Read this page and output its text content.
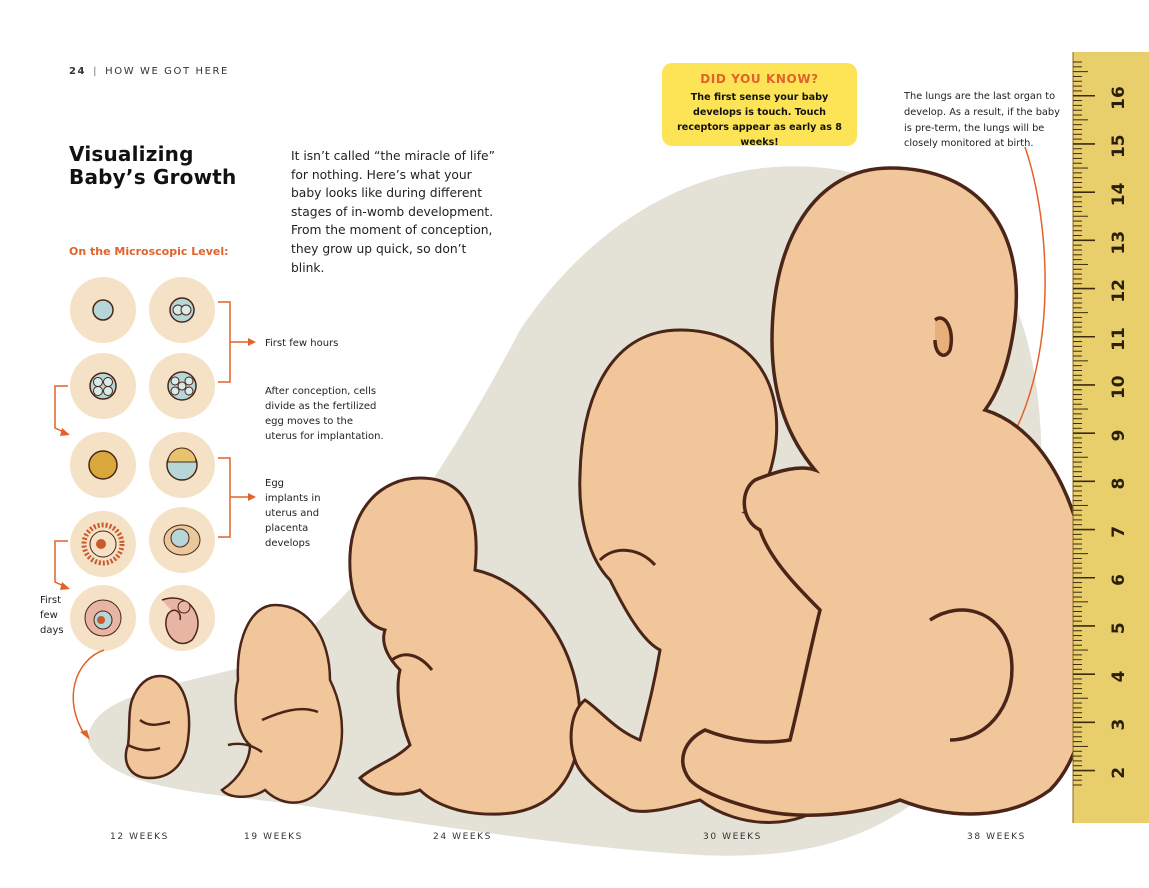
16
15
14
13
12
11
10
9
8
7
6
5
4
3
2
24 | HOW WE GOT HERE
Visualizing Baby’s Growth
It isn’t called “the miracle of life” for nothing. Here’s what your baby looks like during different stages of in-womb development. From the moment of conception, they grow up quick, so don’t blink.
On the Microscopic Level:
First few hours
After conception, cells divide as the fertilized egg moves to the uterus for implantation.
Egg implants in uterus and placenta develops
First few days
DID YOU KNOW?
The first sense your baby develops is touch. Touch receptors appear as early as 8 weeks!
The lungs are the last organ to develop. As a result, if the baby is pre-term, the lungs will be closely monitored at birth.
12 WEEKS	19 WEEKS	24 WEEKS	30 WEEKS	38 WEEKS
